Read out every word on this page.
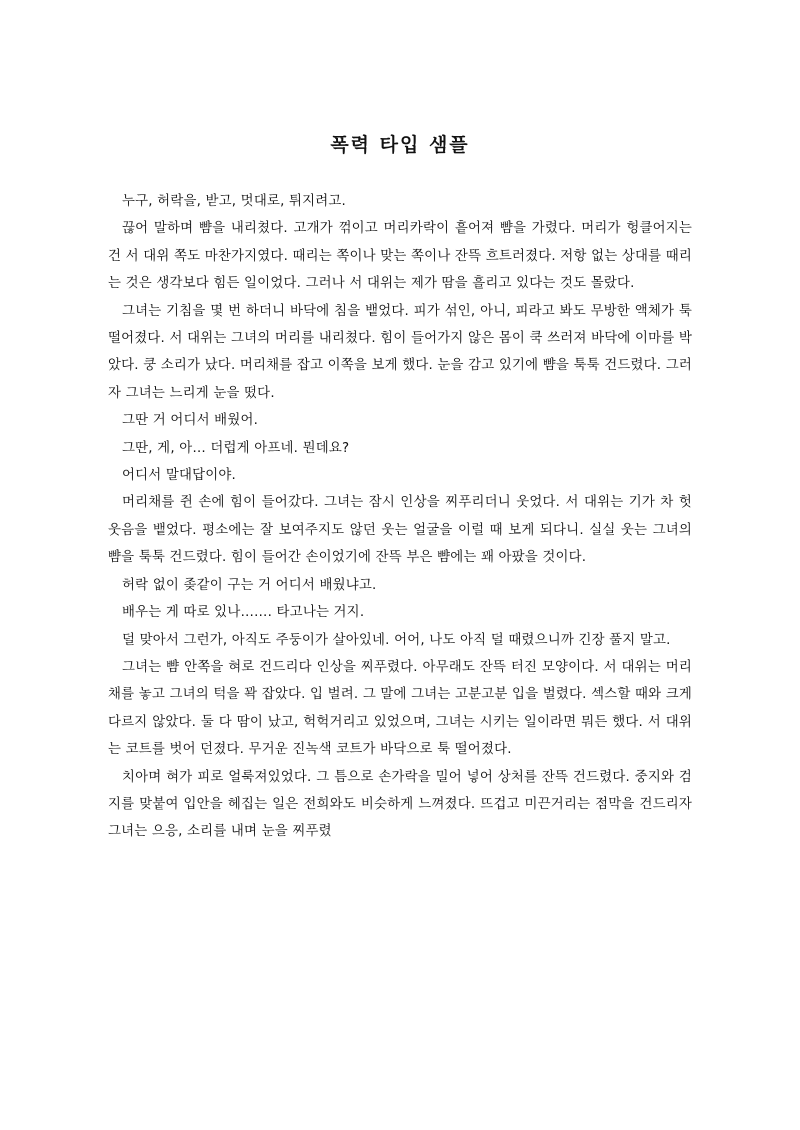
폭력 타입 샘플

누구, 허락을, 받고, 멋대로, 튀지려고.

끊어 말하며 뺨을 내리쳤다. 고개가 꺾이고 머리카락이 흩어져 뺨을 가렸다. 머리가 헝클어지는 건 서 대위 쪽도 마찬가지였다. 때리는 쪽이나 맞는 쪽이나 잔뜩 흐트러졌다. 저항 없는 상대를 때리는 것은 생각보다 힘든 일이었다. 그러나 서 대위는 제가 땀을 흘리고 있다는 것도 몰랐다.

그녀는 기침을 몇 번 하더니 바닥에 침을 뱉었다. 피가 섞인, 아니, 피라고 봐도 무방한 액체가 툭 떨어졌다. 서 대위는 그녀의 머리를 내리쳤다. 힘이 들어가지 않은 몸이 쿡 쓰러져 바닥에 이마를 박았다. 쿵 소리가 났다. 머리채를 잡고 이쪽을 보게 했다. 눈을 감고 있기에 뺨을 툭툭 건드렸다. 그러자 그녀는 느리게 눈을 떴다.

그딴 거 어디서 배웠어.

그딴, 게, 아… 더럽게 아프네. 뭔데요?

어디서 말대답이야.

머리채를 쥔 손에 힘이 들어갔다. 그녀는 잠시 인상을 찌푸리더니 웃었다. 서 대위는 기가 차 헛웃음을 뱉었다. 평소에는 잘 보여주지도 않던 웃는 얼굴을 이럴 때 보게 되다니. 실실 웃는 그녀의 뺨을 툭툭 건드렸다. 힘이 들어간 손이었기에 잔뜩 부은 뺨에는 꽤 아팠을 것이다.

허락 없이 좆같이 구는 거 어디서 배웠냐고.

배우는 게 따로 있나……. 타고나는 거지.

덜 맞아서 그런가, 아직도 주둥이가 살아있네. 어어, 나도 아직 덜 때렸으니까 긴장 풀지 말고.

그녀는 뺨 안쪽을 혀로 건드리다 인상을 찌푸렸다. 아무래도 잔뜩 터진 모양이다. 서 대위는 머리채를 놓고 그녀의 턱을 꽉 잡았다. 입 벌려. 그 말에 그녀는 고분고분 입을 벌렸다. 섹스할 때와 크게 다르지 않았다. 둘 다 땀이 났고, 헉헉거리고 있었으며, 그녀는 시키는 일이라면 뭐든 했다. 서 대위는 코트를 벗어 던졌다. 무거운 진녹색 코트가 바닥으로 툭 떨어졌다.

치아며 혀가 피로 얼룩져있었다. 그 틈으로 손가락을 밀어 넣어 상처를 잔뜩 건드렸다. 중지와 검지를 맞붙여 입안을 헤집는 일은 전희와도 비슷하게 느껴졌다. 뜨겁고 미끈거리는 점막을 건드리자 그녀는 으응, 소리를 내며 눈을 찌푸렸
